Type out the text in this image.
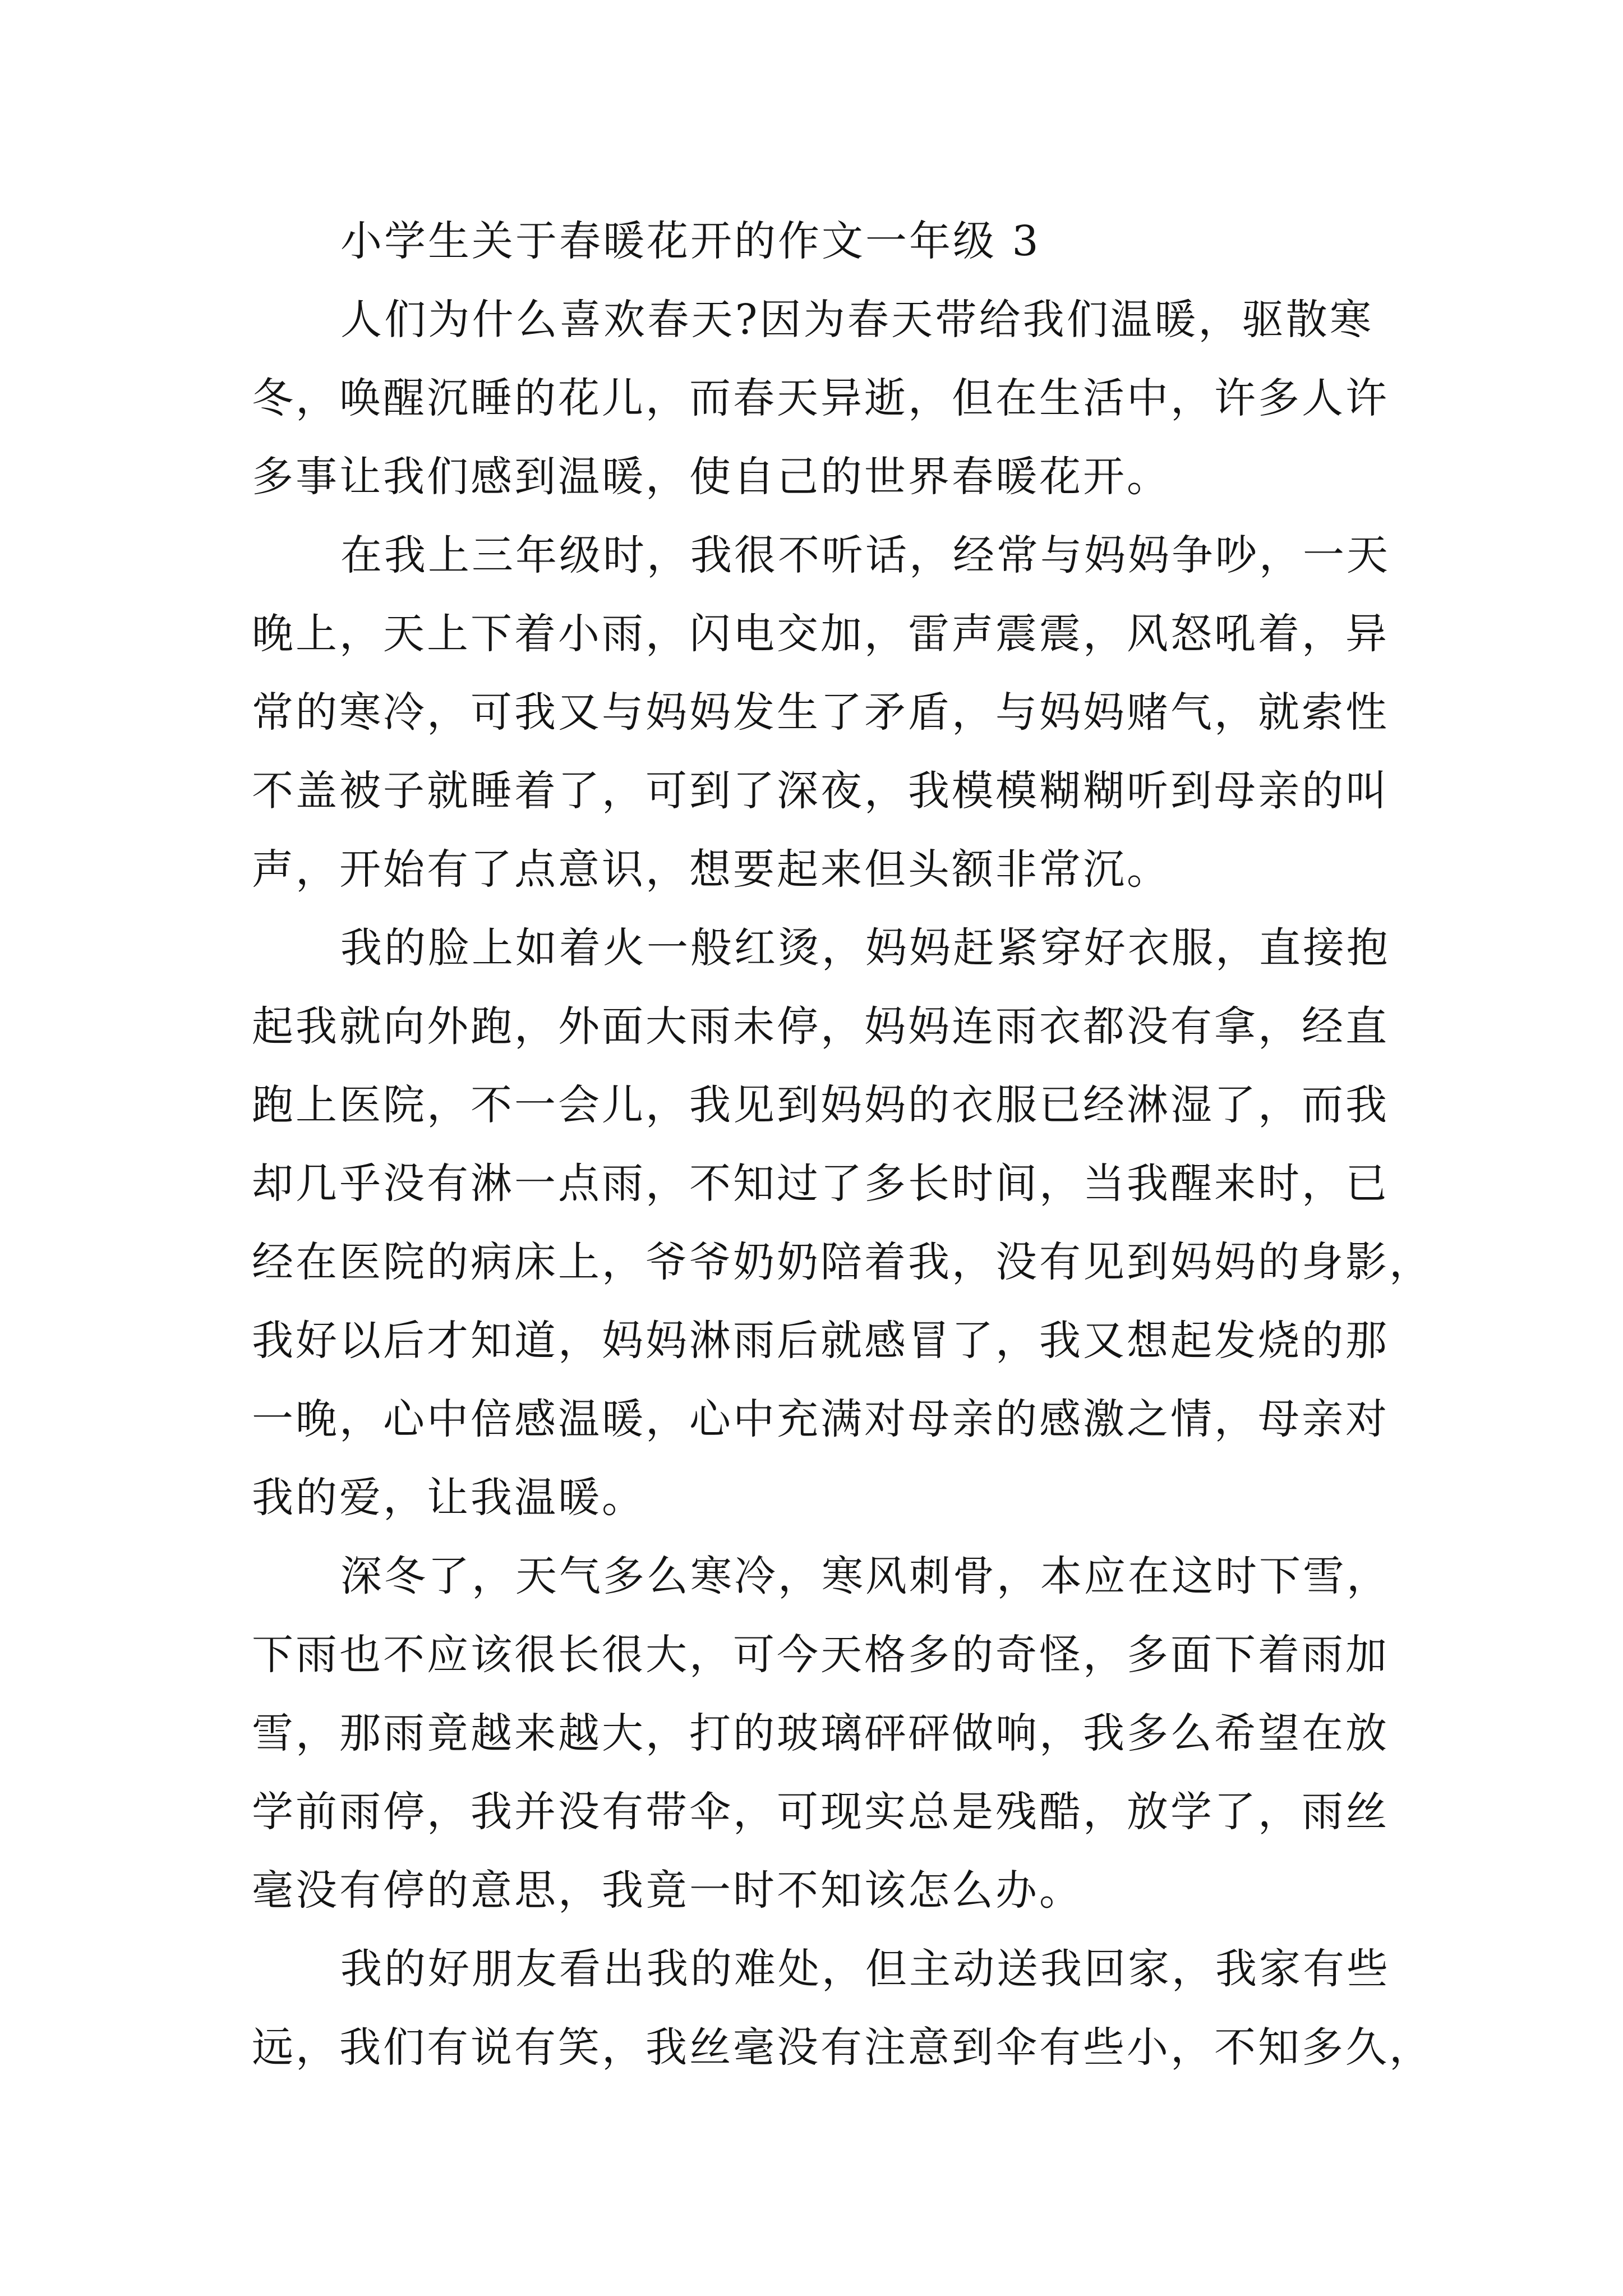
小学生关于春暖花开的作文一年级 3

人们为什么喜欢春天?因为春天带给我们温暖，驱散寒
冬，唤醒沉睡的花儿，而春天异逝，但在生活中，许多人许
多事让我们感到温暖，使自己的世界春暖花开。

在我上三年级时，我很不听话，经常与妈妈争吵，一天
晚上，天上下着小雨，闪电交加，雷声震震，风怒吼着，异
常的寒冷，可我又与妈妈发生了矛盾，与妈妈赌气，就索性
不盖被子就睡着了，可到了深夜，我模模糊糊听到母亲的叫
声，开始有了点意识，想要起来但头额非常沉。

我的脸上如着火一般红烫，妈妈赶紧穿好衣服，直接抱
起我就向外跑，外面大雨未停，妈妈连雨衣都没有拿，经直
跑上医院，不一会儿，我见到妈妈的衣服已经淋湿了，而我
却几乎没有淋一点雨，不知过了多长时间，当我醒来时，已
经在医院的病床上，爷爷奶奶陪着我，没有见到妈妈的身影，
我好以后才知道，妈妈淋雨后就感冒了，我又想起发烧的那
一晚，心中倍感温暖，心中充满对母亲的感激之情，母亲对
我的爱，让我温暖。

深冬了，天气多么寒冷，寒风刺骨，本应在这时下雪，
下雨也不应该很长很大，可今天格多的奇怪，多面下着雨加
雪，那雨竟越来越大，打的玻璃砰砰做响，我多么希望在放
学前雨停，我并没有带伞，可现实总是残酷，放学了，雨丝
毫没有停的意思，我竟一时不知该怎么办。

我的好朋友看出我的难处，但主动送我回家，我家有些
远，我们有说有笑，我丝毫没有注意到伞有些小，不知多久，
